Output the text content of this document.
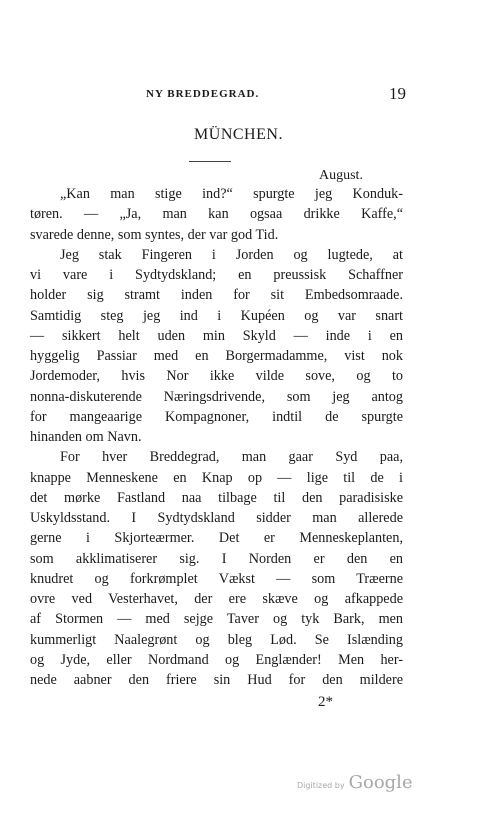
NY BREDDEGRAD.	19
MÜNCHEN.
August.
„Kan man stige ind?“ spurgte jeg Konduk-
tøren. — „Ja, man kan ogsaa drikke Kaffe,“
svarede denne, som syntes, der var god Tid.
Jeg stak Fingeren i Jorden og lugtede, at
vi vare i Sydtydskland; en preussisk Schaffner
holder sig stramt inden for sit Embedsomraade.
Samtidig steg jeg ind i Kupéen og var snart
— sikkert helt uden min Skyld — inde i en
hyggelig Passiar med en Borgermadamme, vist nok
Jordemoder, hvis Nor ikke vilde sove, og to
nonna-diskuterende Næringsdrivende, som jeg antog
for mangeaarige Kompagnoner, indtil de spurgte
hinanden om Navn.
For hver Breddegrad, man gaar Syd paa,
knappe Menneskene en Knap op — lige til de i
det mørke Fastland naa tilbage til den paradisiske
Uskyldsstand. I Sydtydskland sidder man allerede
gerne i Skjorteærmer. Det er Menneskeplanten,
som akklimatiserer sig. I Norden er den en
knudret og forkrømplet Vækst — som Træerne
ovre ved Vesterhavet, der ere skæve og afkappede
af Stormen — med sejge Taver og tyk Bark, men
kummerligt Naalegrønt og bleg Lød. Se Islænding
og Jyde, eller Nordmand og Englænder! Men her-
nede aabner den friere sin Hud for den mildere
2*
Digitized by Google
